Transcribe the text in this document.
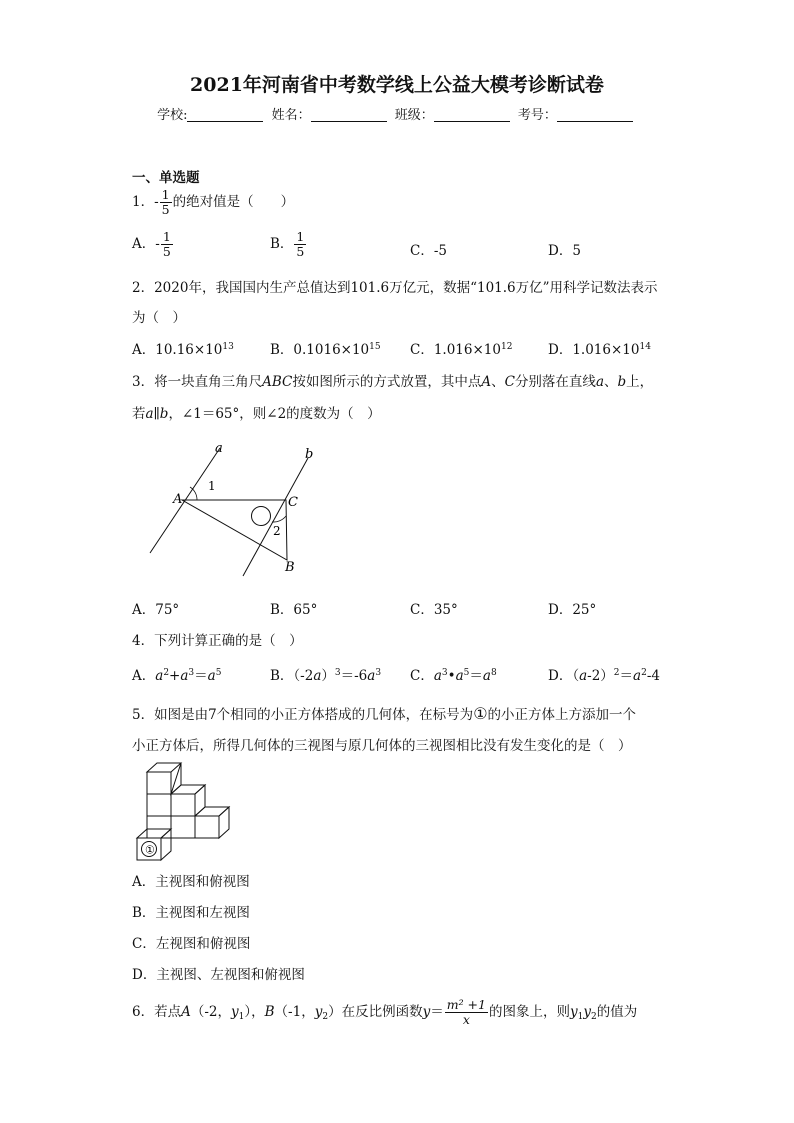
2021年河南省中考数学线上公益大模考诊断试卷
学校:	姓名：	班级：	考号：
一、单选题
1．- $\frac{1}{5}$ 的绝对值是（　　）
A．- $\frac{1}{5}$	B． $\frac{1}{5}$	C．-5	D．5
2．2020年，我国国内生产总值达到101.6万亿元，数据“101.6万亿”用科学记数法表示
为（　）
A．$10.16\times 10^{13}$	B．$0.1016\times 10^{15}$ C．$1.016\times 10^{12}$	D．$1.016\times 10^{14}$
3．将一块直角三角尺ABC按如图所示的方式放置，其中点A、C分别落在直线a、b上，
若a∥b，∠1＝65°，则∠2的度数为（　）
a	b
A	C
B
1
2
A．75°	B．65°	C．35°	D．25°
4．下列计算正确的是（　）
A．$a^2+a^3=a^5$	B．$(-2a)^3=-6a^3$ C．$a^3•a^5=a^8$	D．$(a-2)^2=a^2-4$
5．如图是由7个相同的小正方体搭成的几何体，在标号为①的小正方体上方添加一个
小正方体后，所得几何体的三视图与原几何体的三视图相比没有发生变化的是（　）
①
A．主视图和俯视图
B．主视图和左视图
C．左视图和俯视图
D．主视图、左视图和俯视图
6．若点A（-2，$y_1$），B（-1，$y_2$）在反比例函数$y= \frac{\text{m² +1}}{x}$ 的图象上，则$y_1y_2$的值为
